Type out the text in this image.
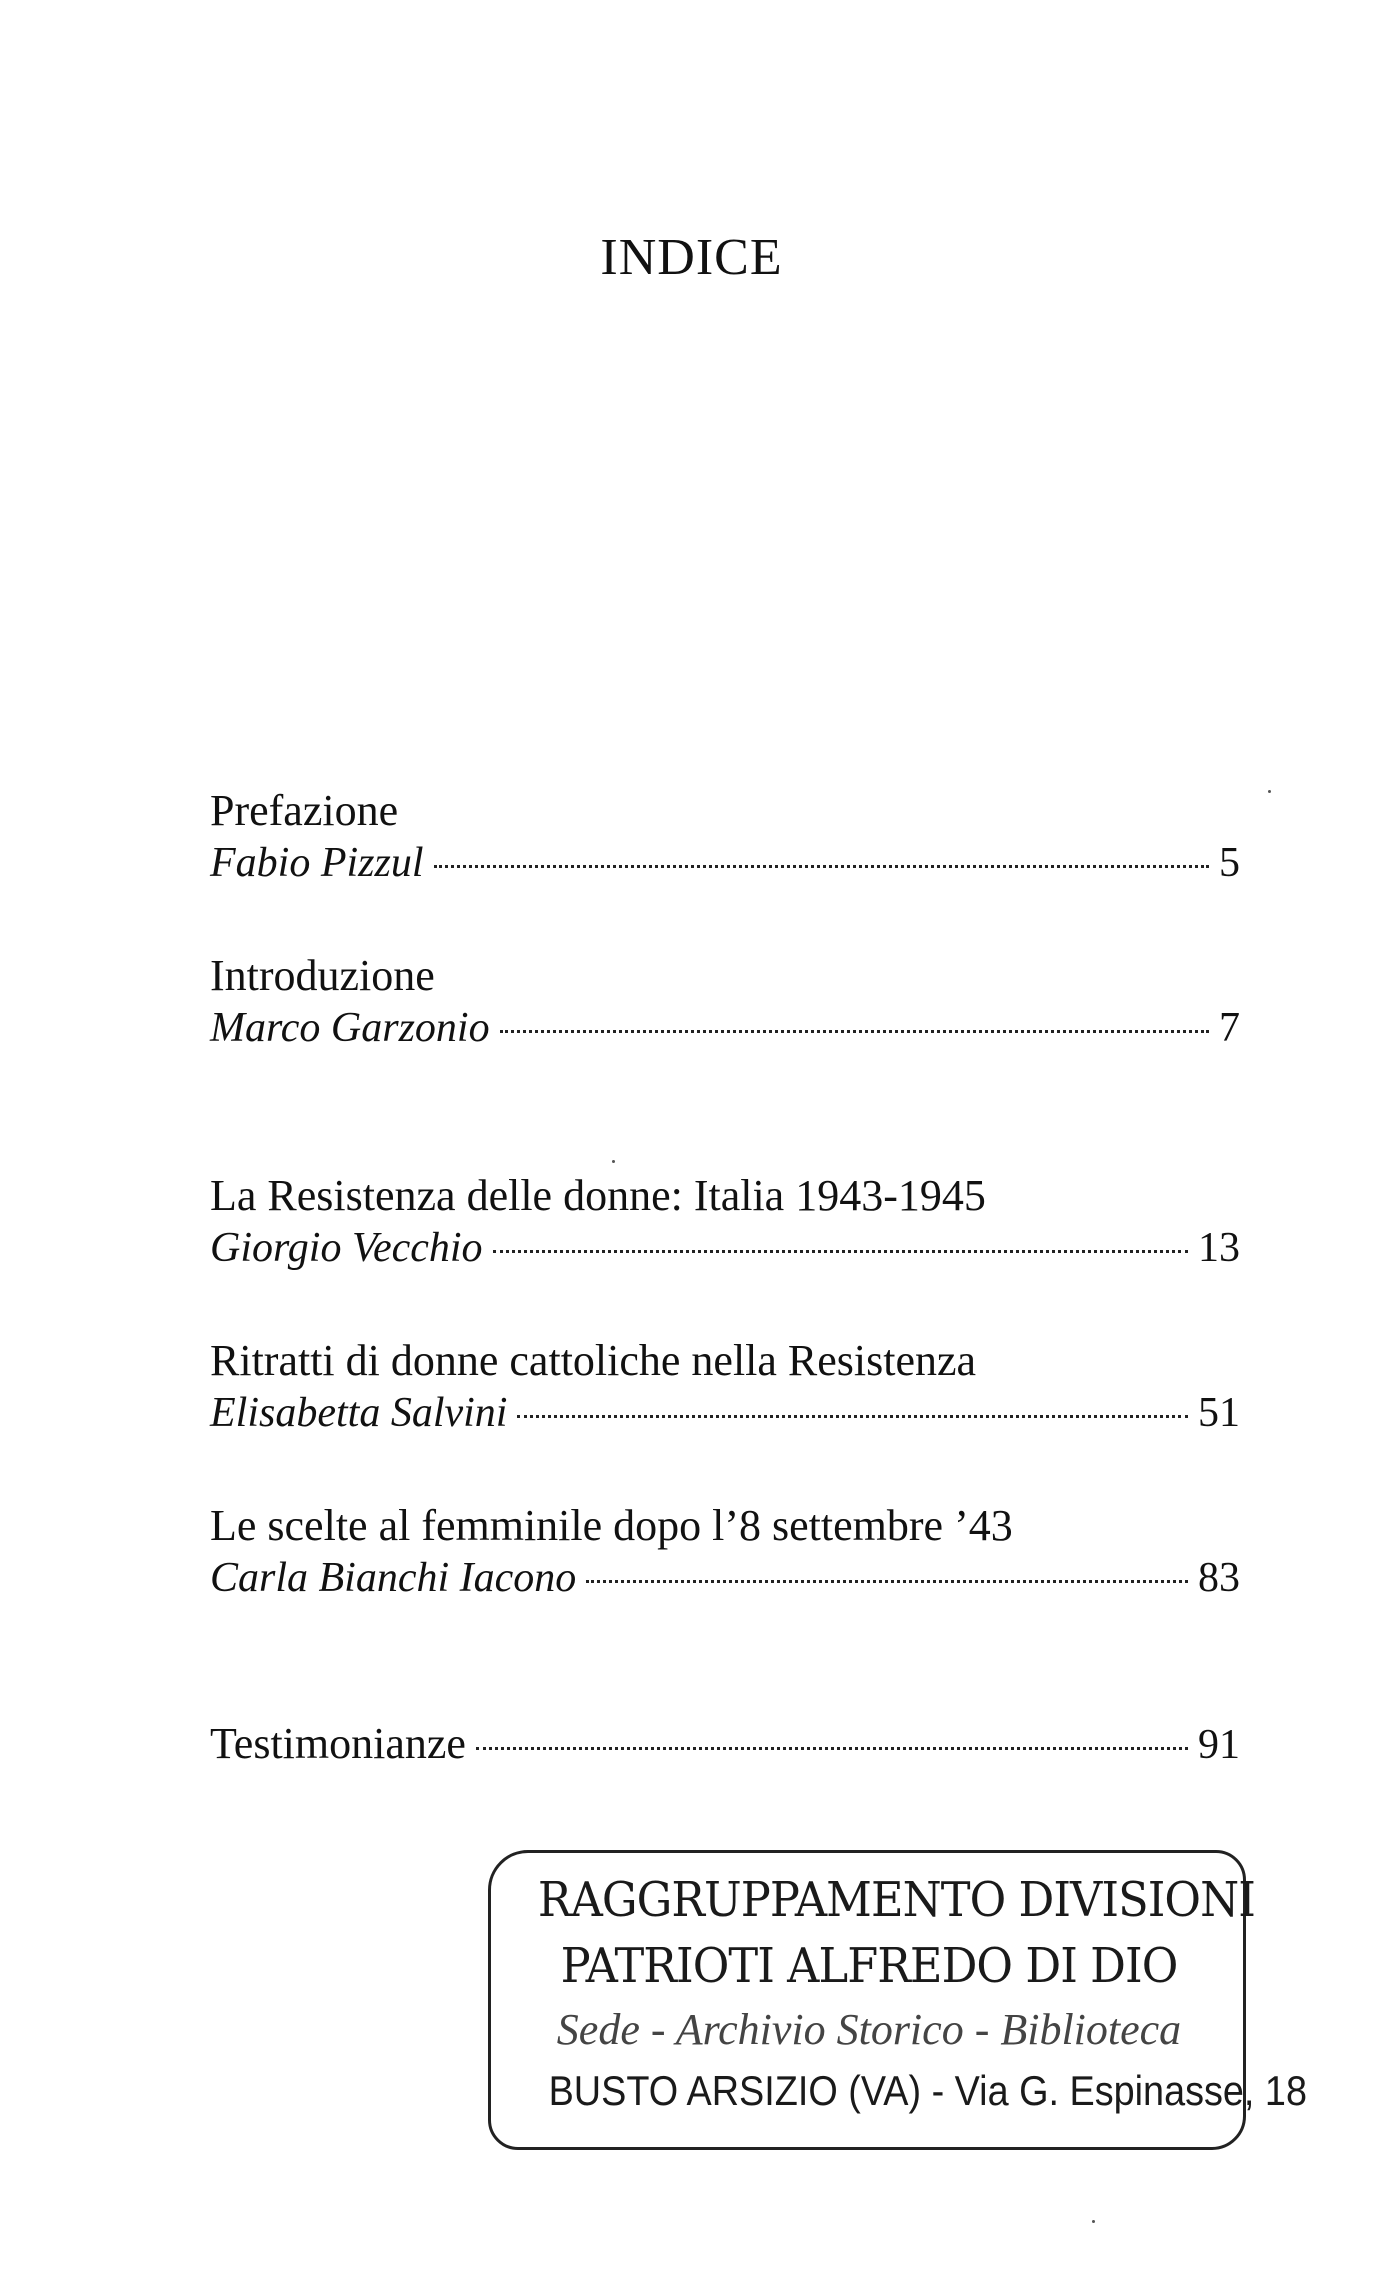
INDICE
Prefazione
Fabio Pizzul	5
Introduzione
Marco Garzonio	7
La Resistenza delle donne: Italia 1943-1945
Giorgio Vecchio	13
Ritratti di donne cattoliche nella Resistenza
Elisabetta Salvini	51
Le scelte al femminile dopo l’8 settembre ’43
Carla Bianchi Iacono	83
Testimonianze	91
RAGGRUPPAMENTO DIVISIONI
PATRIOTI ALFREDO DI DIO
Sede - Archivio Storico - Biblioteca
BUSTO ARSIZIO (VA) - Via G. Espinasse, 18
